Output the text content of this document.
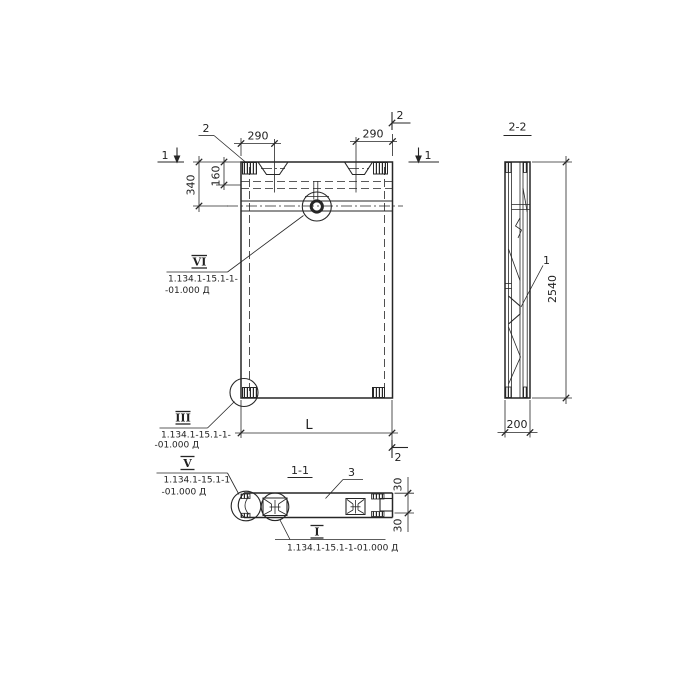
290	290
340 160
L
1	1
2
2
2
VI
1.134.1-15.1-1-
-01.000 Д
III
1.134.1-15.1-1-
-01.000 Д
V
1.134.1-15.1-1
-01.000 Д
I
1.134.1-15.1-1-01.000 Д
1-1	3
30
30
2-2
1
2540
200
